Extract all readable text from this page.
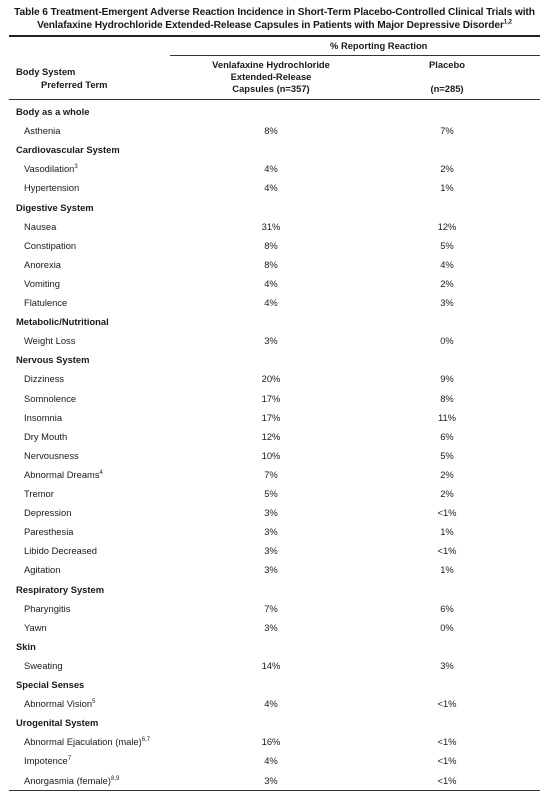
Table 6 Treatment-Emergent Adverse Reaction Incidence in Short-Term Placebo-Controlled Clinical Trials with
Venlafaxine Hydrochloride Extended-Release Capsules in Patients with Major Depressive Disorder$^{1,2}$
% Reporting Reaction
Body System
Preferred Term
Venlafaxine Hydrochloride
Extended-Release
Capsules (n=357)
Placebo

(n=285)
Body as a whole
Asthenia	8%	7%
Cardiovascular System
Vasodilation$^3$	4%	2%
Hypertension	4%	1%
Digestive System
Nausea	31%	12%
Constipation	8%	5%
Anorexia	8%	4%
Vomiting	4%	2%
Flatulence	4%	3%
Metabolic/Nutritional
Weight Loss	3%	0%
Nervous System
Dizziness	20%	9%
Somnolence	17%	8%
Insomnia	17%	11%
Dry Mouth	12%	6%
Nervousness	10%	5%
Abnormal Dreams$^4$	7%	2%
Tremor	5%	2%
Depression	3%	<1%
Paresthesia	3%	1%
Libido Decreased	3%	<1%
Agitation	3%	1%
Respiratory System
Pharyngitis	7%	6%
Yawn	3%	0%
Skin
Sweating	14%	3%
Special Senses
Abnormal Vision$^5$	4%	<1%
Urogenital System
Abnormal Ejaculation (male)$^{6,7}$	16%	<1%
Impotence$^7$	4%	<1%
Anorgasmia (female)$^{8,9}$	3%	<1%
